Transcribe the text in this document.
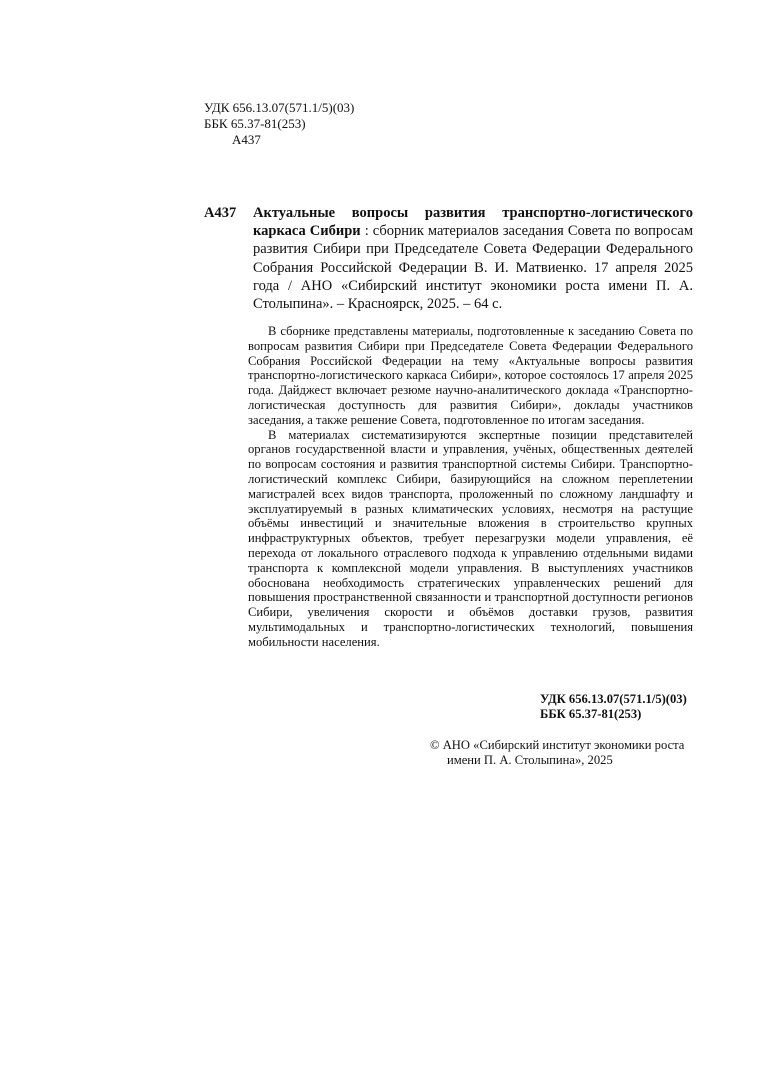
УДК 656.13.07(571.1/5)(03)
ББК 65.37-81(253)
А437
А437 Актуальные вопросы развития транспортно-логистического каркаса Сибири : сборник материалов заседания Совета по вопросам развития Сибири при Председателе Совета Федерации Федерального Собрания Российской Федерации В. И. Матвиенко. 17 апреля 2025 года / АНО «Сибирский институт экономики роста имени П. А. Столыпина». – Красноярск, 2025. – 64 с.

В сборнике представлены материалы, подготовленные к заседанию Совета по вопросам развития Сибири при Председателе Совета Федерации Федерального Собрания Российской Федерации на тему «Актуальные вопросы развития транспортно-логистического каркаса Сибири», которое состоялось 17 апреля 2025 года. Дайджест включает резюме научно-аналитического доклада «Транспортно-логистическая доступность для развития Сибири», доклады участников заседания, а также решение Совета, подготовленное по итогам заседания.

В материалах систематизируются экспертные позиции представителей органов государственной власти и управления, учёных, общественных деятелей по вопросам состояния и развития транспортной системы Сибири. Транспортно-логистический комплекс Сибири, базирующийся на сложном переплетении магистралей всех видов транспорта, проложенный по сложному ландшафту и эксплуатируемый в разных климатических условиях, несмотря на растущие объёмы инвестиций и значительные вложения в строительство крупных инфраструктурных объектов, требует перезагрузки модели управления, её перехода от локального отраслевого подхода к управлению отдельными видами транспорта к комплексной модели управления. В выступлениях участников обоснована необходимость стратегических управленческих решений для повышения пространственной связанности и транспортной доступности регионов Сибири, увеличения скорости и объёмов доставки грузов, развития мультимодальных и транспортно-логистических технологий, повышения мобильности населения.

УДК 656.13.07(571.1/5)(03)
ББК 65.37-81(253)
© АНО «Сибирский институт экономики роста
имени П. А. Столыпина», 2025
